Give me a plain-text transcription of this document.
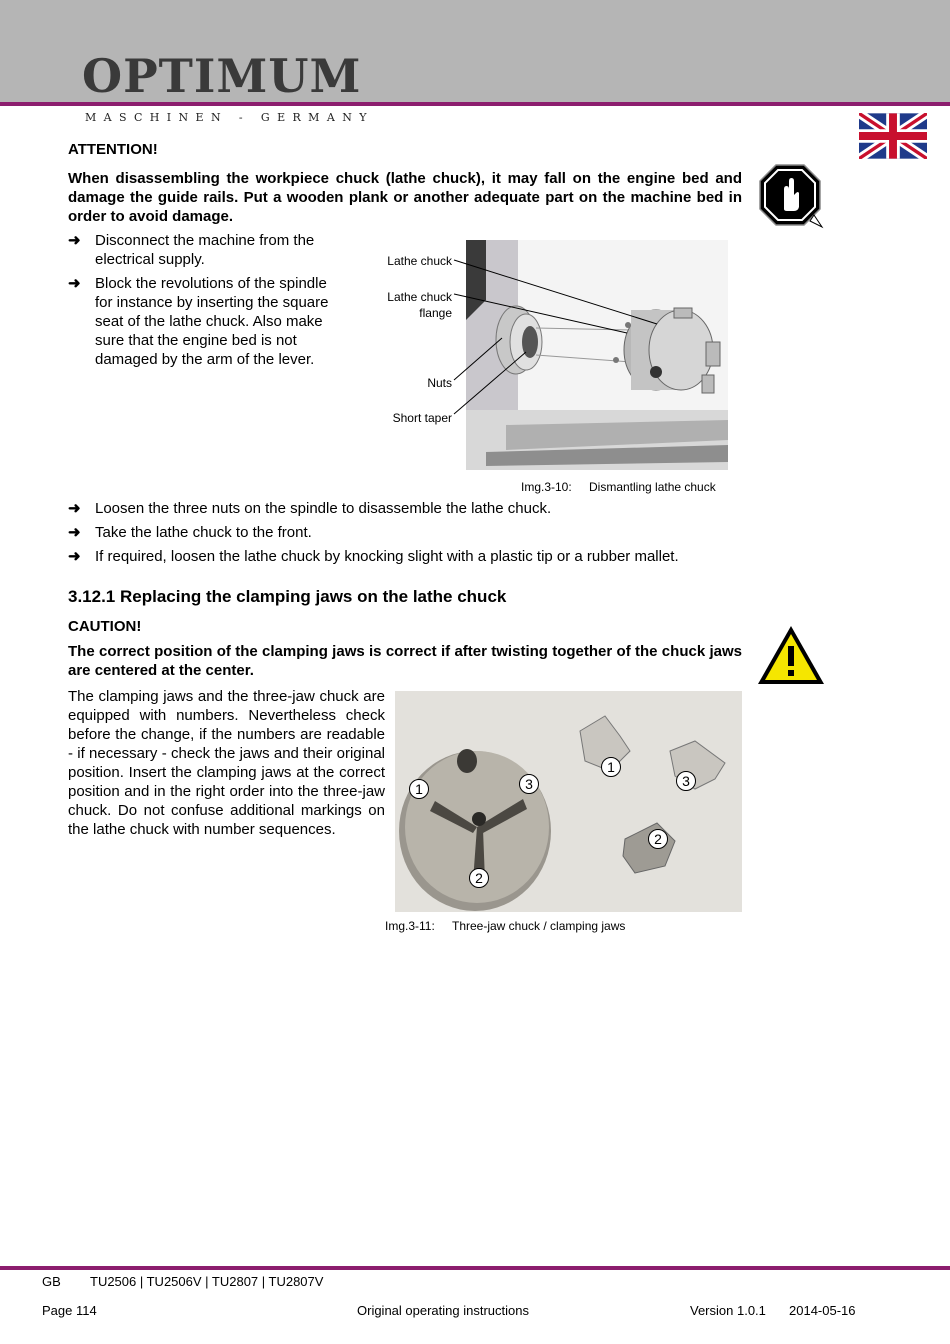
OPTIMUM
MASCHINEN - GERMANY
ATTENTION!
When disassembling the workpiece chuck (lathe chuck), it may fall on the engine bed and damage the guide rails. Put a wooden plank or another adequate part on the machine bed in order to avoid damage.
➜ Disconnect the machine from the electrical supply.
➜ Block the revolutions of the spindle for instance by inserting the square seat of the lathe chuck. Also make sure that the engine bed is not damaged by the arm of the lever.
Lathe chuck
Lathe chuck flange
Nuts
Short taper
Img.3-10: Dismantling lathe chuck
➜ Loosen the three nuts on the spindle to disassemble the lathe chuck.
➜ Take the lathe chuck to the front.
➜ If required, loosen the lathe chuck by knocking slight with a plastic tip or a rubber mallet.
3.12.1 Replacing the clamping jaws on the lathe chuck
CAUTION!
The correct position of the clamping jaws is correct if after twisting together of the chuck jaws are centered at the center.
The clamping jaws and the three-jaw chuck are equipped with numbers. Nevertheless check before the change, if the numbers are readable - if necessary - check the jaws and their original position. Insert the clamping jaws at the correct position and in the right order into the three-jaw chuck. Do not confuse additional markings on the lathe chuck with number sequences.
1	3
2
1
3
2
Img.3-11: Three-jaw chuck / clamping jaws
GB TU2506 | TU2506V | TU2807 | TU2807V
Page 114	Original operating instructions	Version 1.0.1 2014-05-16
